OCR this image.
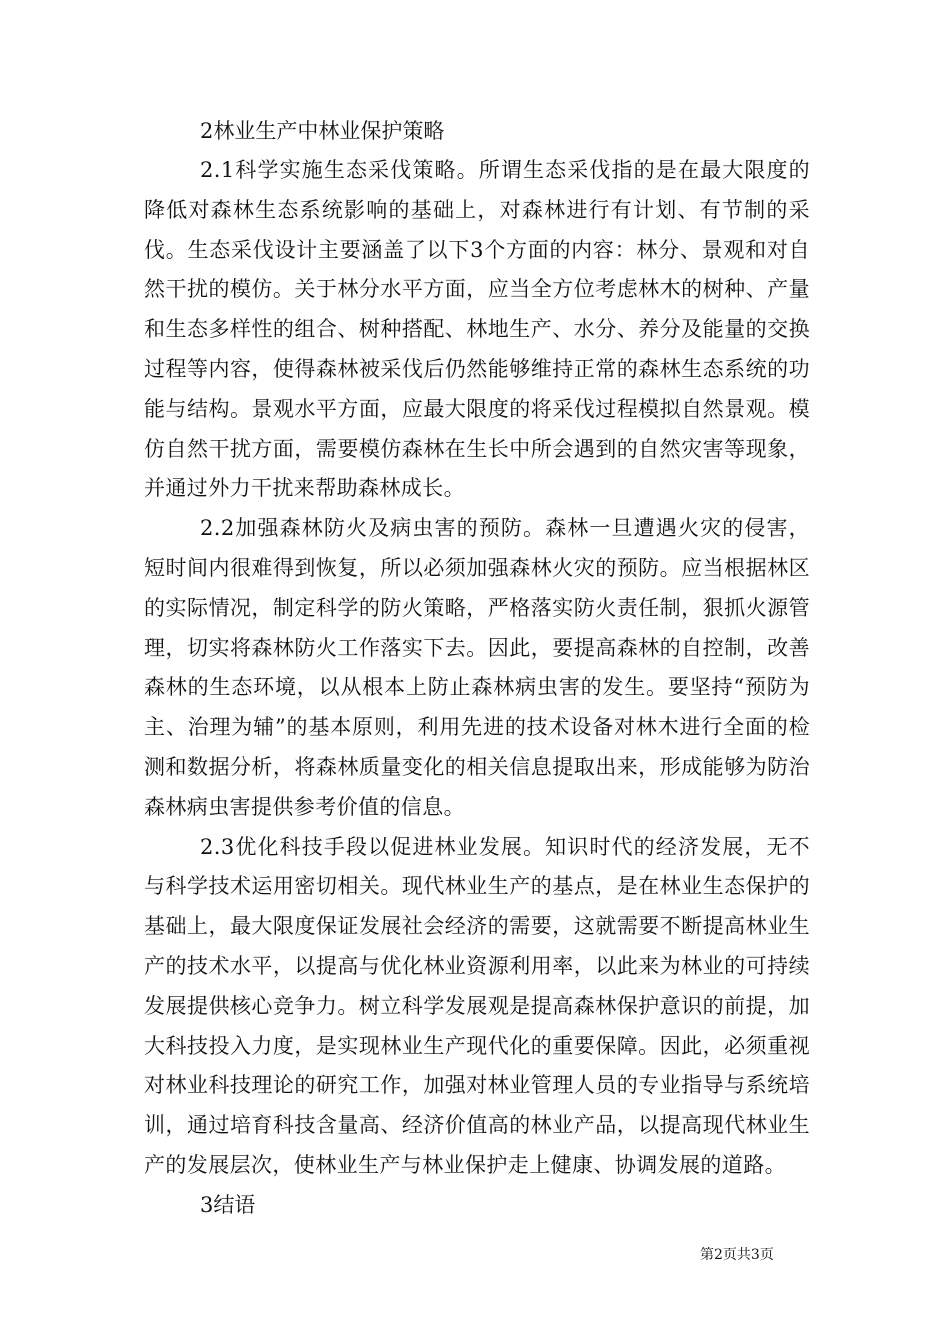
2林业生产中林业保护策略

2.1科学实施生态采伐策略。所谓生态采伐指的是在最大限度的降低对森林生态系统影响的基础上，对森林进行有计划、有节制的采伐。生态采伐设计主要涵盖了以下3个方面的内容：林分、景观和对自然干扰的模仿。关于林分水平方面，应当全方位考虑林木的树种、产量和生态多样性的组合、树种搭配、林地生产、水分、养分及能量的交换过程等内容，使得森林被采伐后仍然能够维持正常的森林生态系统的功能与结构。景观水平方面，应最大限度的将采伐过程模拟自然景观。模仿自然干扰方面，需要模仿森林在生长中所会遇到的自然灾害等现象，并通过外力干扰来帮助森林成长。

2.2加强森林防火及病虫害的预防。森林一旦遭遇火灾的侵害，短时间内很难得到恢复，所以必须加强森林火灾的预防。应当根据林区的实际情况，制定科学的防火策略，严格落实防火责任制，狠抓火源管理，切实将森林防火工作落实下去。因此，要提高森林的自控制，改善森林的生态环境，以从根本上防止森林病虫害的发生。要坚持“预防为主、治理为辅”的基本原则，利用先进的技术设备对林木进行全面的检测和数据分析，将森林质量变化的相关信息提取出来，形成能够为防治森林病虫害提供参考价值的信息。

2.3优化科技手段以促进林业发展。知识时代的经济发展，无不与科学技术运用密切相关。现代林业生产的基点，是在林业生态保护的基础上，最大限度保证发展社会经济的需要，这就需要不断提高林业生产的技术水平，以提高与优化林业资源利用率，以此来为林业的可持续发展提供核心竞争力。树立科学发展观是提高森林保护意识的前提，加大科技投入力度，是实现林业生产现代化的重要保障。因此，必须重视对林业科技理论的研究工作，加强对林业管理人员的专业指导与系统培训，通过培育科技含量高、经济价值高的林业产品，以提高现代林业生产的发展层次，使林业生产与林业保护走上健康、协调发展的道路。

3结语

第2页共3页
